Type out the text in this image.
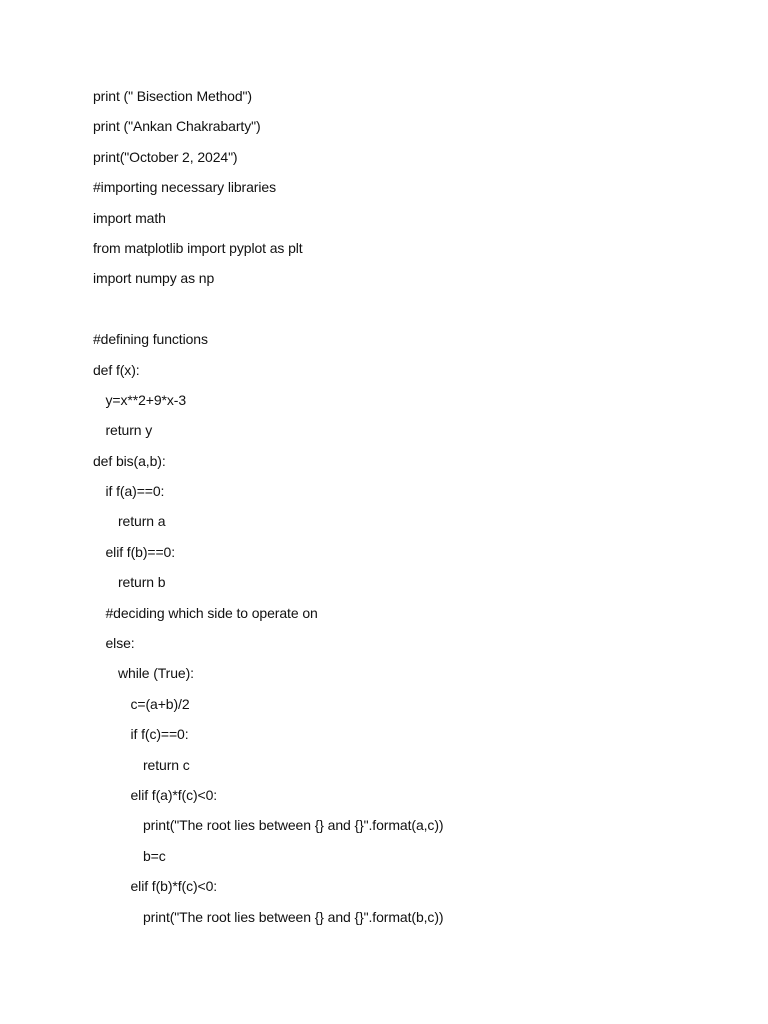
print (" Bisection Method")
print ("Ankan Chakrabarty")
print("October 2, 2024")
#importing necessary libraries
import math
from matplotlib import pyplot as plt
import numpy as np
#defining functions
def f(x):
y=x**2+9*x-3
return y
def bis(a,b):
if f(a)==0:
return a
elif f(b)==0:
return b
#deciding which side to operate on
else:
while (True):
c=(a+b)/2
if f(c)==0:
return c
elif f(a)*f(c)<0:
print("The root lies between {} and {}".format(a,c))
b=c
elif f(b)*f(c)<0:
print("The root lies between {} and {}".format(b,c))
